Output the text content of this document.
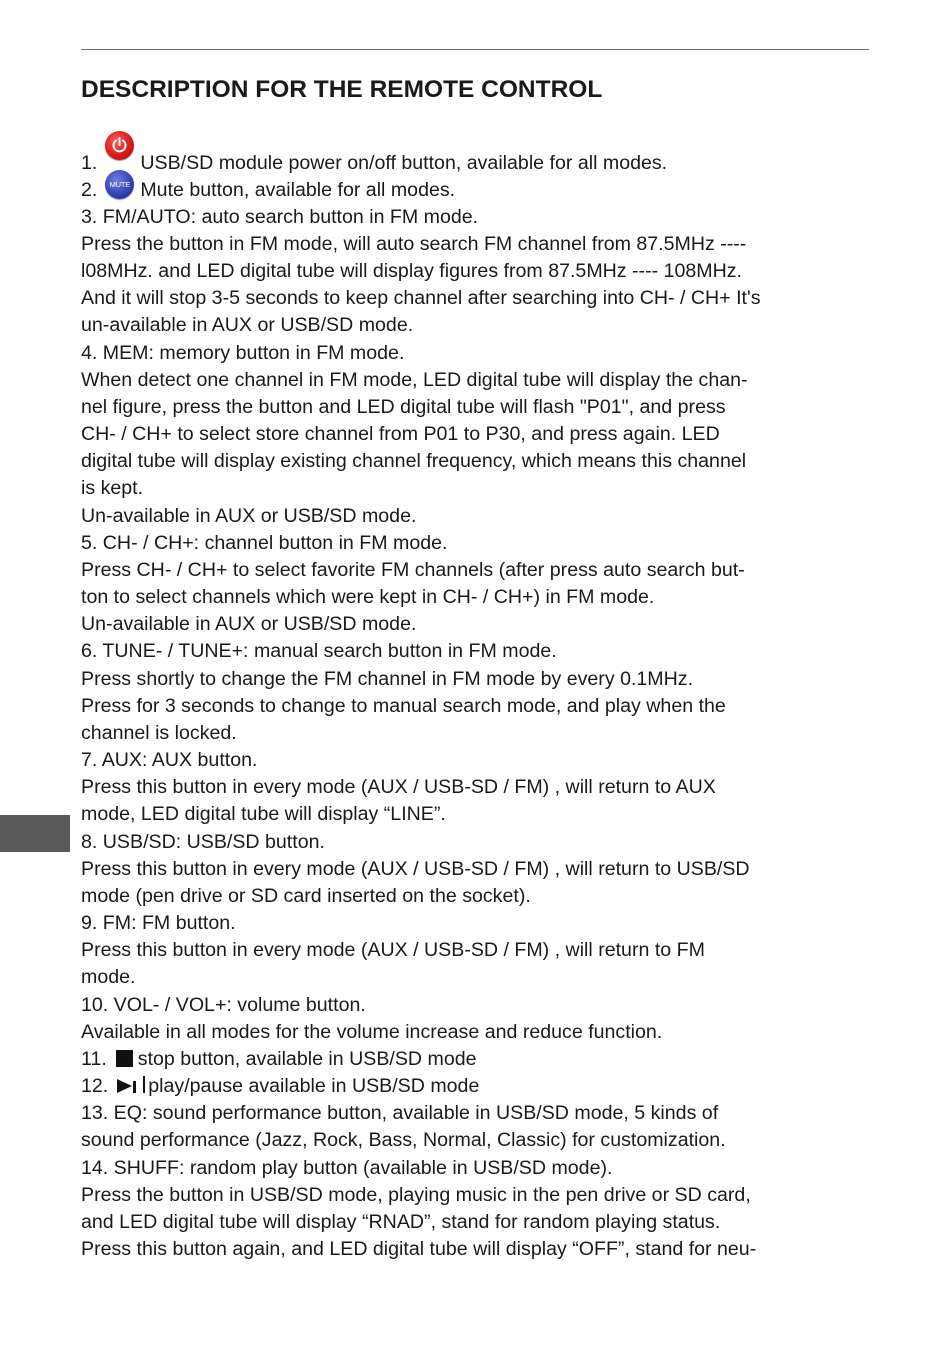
DESCRIPTION FOR THE REMOTE CONTROL
1. USB/SD module power on/off button, available for all modes.
2.	MUTE Mute button, available for all modes.
3. FM/AUTO: auto search button in FM mode.
Press the button in FM mode, will auto search FM channel from 87.5MHz ----
l08MHz. and LED digital tube will display figures from 87.5MHz ---- 108MHz.
And it will stop 3-5 seconds to keep channel after searching into CH- / CH+ It's
un-available in AUX or USB/SD mode.
4. MEM: memory button in FM mode.
When detect one channel in FM mode, LED digital tube will display the chan-
nel figure, press the button and LED digital tube will flash "P01", and press
CH- / CH+ to select store channel from P01 to P30, and press again. LED
digital tube will display existing channel frequency, which means this channel
is kept.
Un-available in AUX or USB/SD mode.
5. CH- / CH+: channel button in FM mode.
Press CH- / CH+ to select favorite FM channels (after press auto search but-
ton to select channels which were kept in CH- / CH+) in FM mode.
Un-available in AUX or USB/SD mode.
6. TUNE- / TUNE+: manual search button in FM mode.
Press shortly to change the FM channel in FM mode by every 0.1MHz.
Press for 3 seconds to change to manual search mode, and play when the
channel is locked.
7. AUX: AUX button.
Press this button in every mode (AUX / USB-SD / FM) , will return to AUX
mode, LED digital tube will display “LINE”.
8. USB/SD: USB/SD button.
Press this button in every mode (AUX / USB-SD / FM) , will return to USB/SD
mode (pen drive or SD card inserted on the socket).
9. FM: FM button.
Press this button in every mode (AUX / USB-SD / FM) , will return to FM
mode.
10. VOL- / VOL+: volume button.
Available in all modes for the volume increase and reduce function.
11. stop button, available in USB/SD mode
12. play/pause available in USB/SD mode
13. EQ: sound performance button, available in USB/SD mode, 5 kinds of
sound performance (Jazz, Rock, Bass, Normal, Classic) for customization.
14. SHUFF: random play button (available in USB/SD mode).
Press the button in USB/SD mode, playing music in the pen drive or SD card,
and LED digital tube will display “RNAD”, stand for random playing status.
Press this button again, and LED digital tube will display “OFF”, stand for neu-
